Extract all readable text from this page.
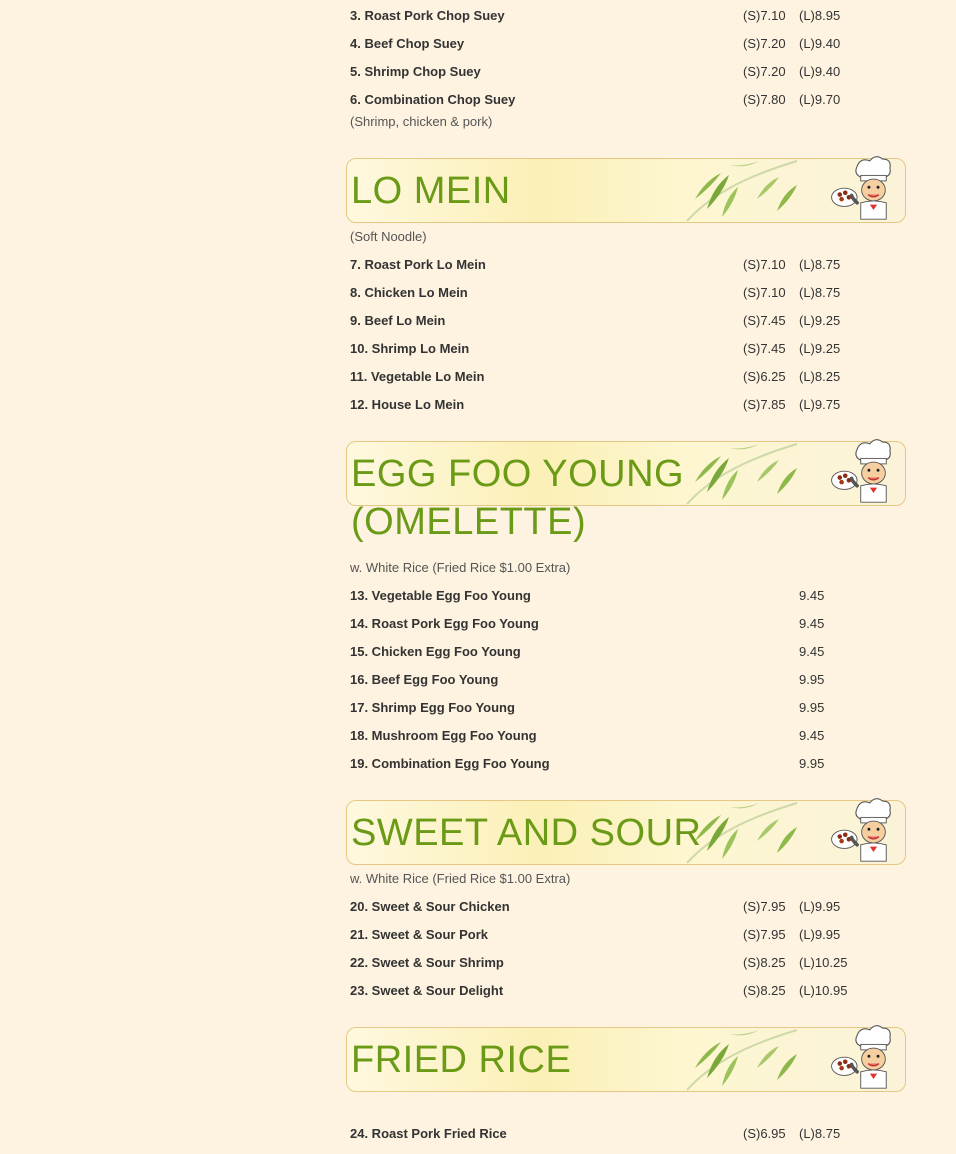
3. Roast Pork Chop Suey	(S)7.10 (L)8.95
4. Beef Chop Suey	(S)7.20 (L)9.40
5. Shrimp Chop Suey	(S)7.20 (L)9.40
6. Combination Chop Suey	(S)7.80 (L)9.70
(Shrimp, chicken & pork)
LO MEIN
(Soft Noodle)
7. Roast Pork Lo Mein	(S)7.10 (L)8.75
8. Chicken Lo Mein	(S)7.10 (L)8.75
9. Beef Lo Mein	(S)7.45 (L)9.25
10. Shrimp Lo Mein	(S)7.45 (L)9.25
11. Vegetable Lo Mein	(S)6.25 (L)8.25
12. House Lo Mein	(S)7.85 (L)9.75
EGG FOO YOUNG
(OMELETTE)
w. White Rice (Fried Rice $1.00 Extra)
13. Vegetable Egg Foo Young	9.45
14. Roast Pork Egg Foo Young	9.45
15. Chicken Egg Foo Young	9.45
16. Beef Egg Foo Young	9.95
17. Shrimp Egg Foo Young	9.95
18. Mushroom Egg Foo Young	9.45
19. Combination Egg Foo Young	9.95
SWEET AND SOUR
w. White Rice (Fried Rice $1.00 Extra)
20. Sweet & Sour Chicken	(S)7.95 (L)9.95
21. Sweet & Sour Pork	(S)7.95 (L)9.95
22. Sweet & Sour Shrimp	(S)8.25 (L)10.25
23. Sweet & Sour Delight	(S)8.25 (L)10.95
FRIED RICE
24. Roast Pork Fried Rice	(S)6.95 (L)8.75
